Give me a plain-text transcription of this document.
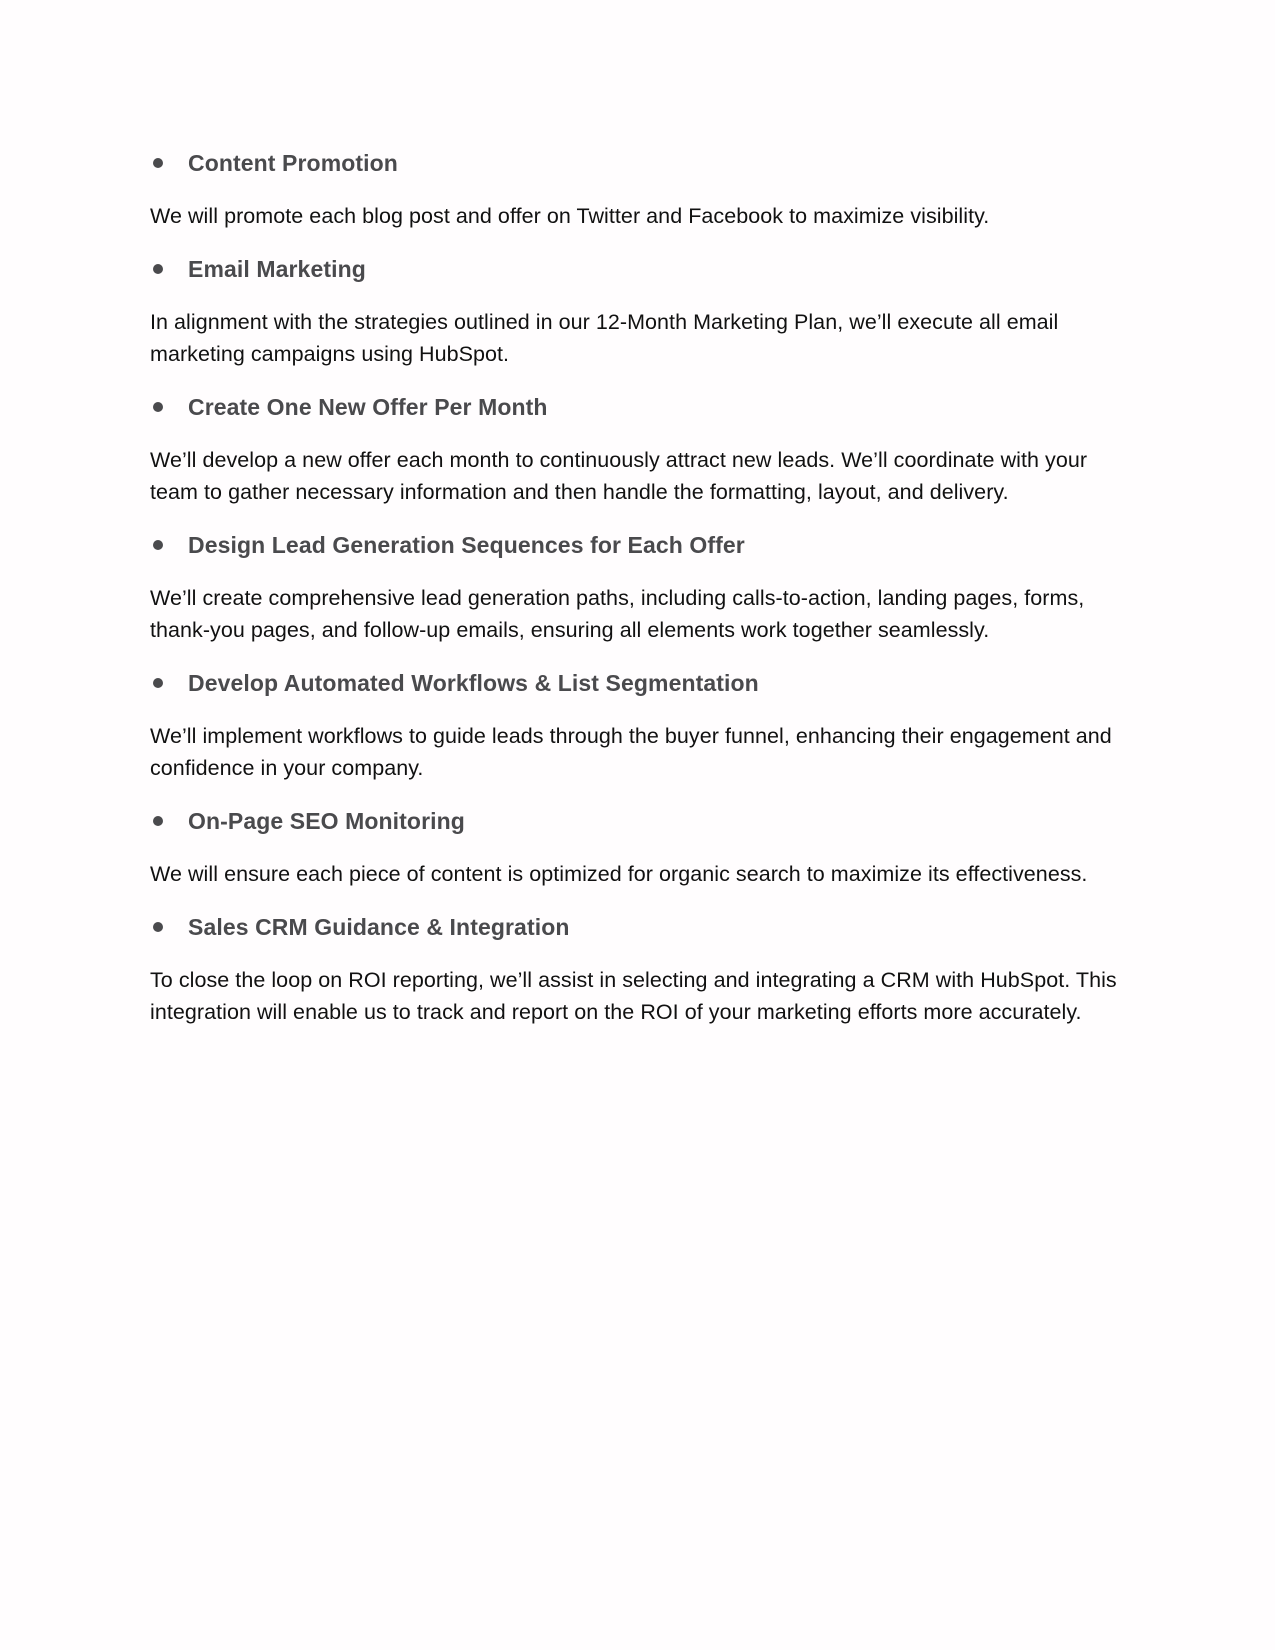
Content Promotion

We will promote each blog post and offer on Twitter and Facebook to maximize visibility.

Email Marketing

In alignment with the strategies outlined in our 12-Month Marketing Plan, we’ll execute all email marketing campaigns using HubSpot.

Create One New Offer Per Month

We’ll develop a new offer each month to continuously attract new leads. We’ll coordinate with your team to gather necessary information and then handle the formatting, layout, and delivery.

Design Lead Generation Sequences for Each Offer

We’ll create comprehensive lead generation paths, including calls-to-action, landing pages, forms, thank-you pages, and follow-up emails, ensuring all elements work together seamlessly.

Develop Automated Workflows & List Segmentation

We’ll implement workflows to guide leads through the buyer funnel, enhancing their engagement and confidence in your company.

On-Page SEO Monitoring

We will ensure each piece of content is optimized for organic search to maximize its effectiveness.

Sales CRM Guidance & Integration

To close the loop on ROI reporting, we’ll assist in selecting and integrating a CRM with HubSpot. This integration will enable us to track and report on the ROI of your marketing efforts more accurately.
